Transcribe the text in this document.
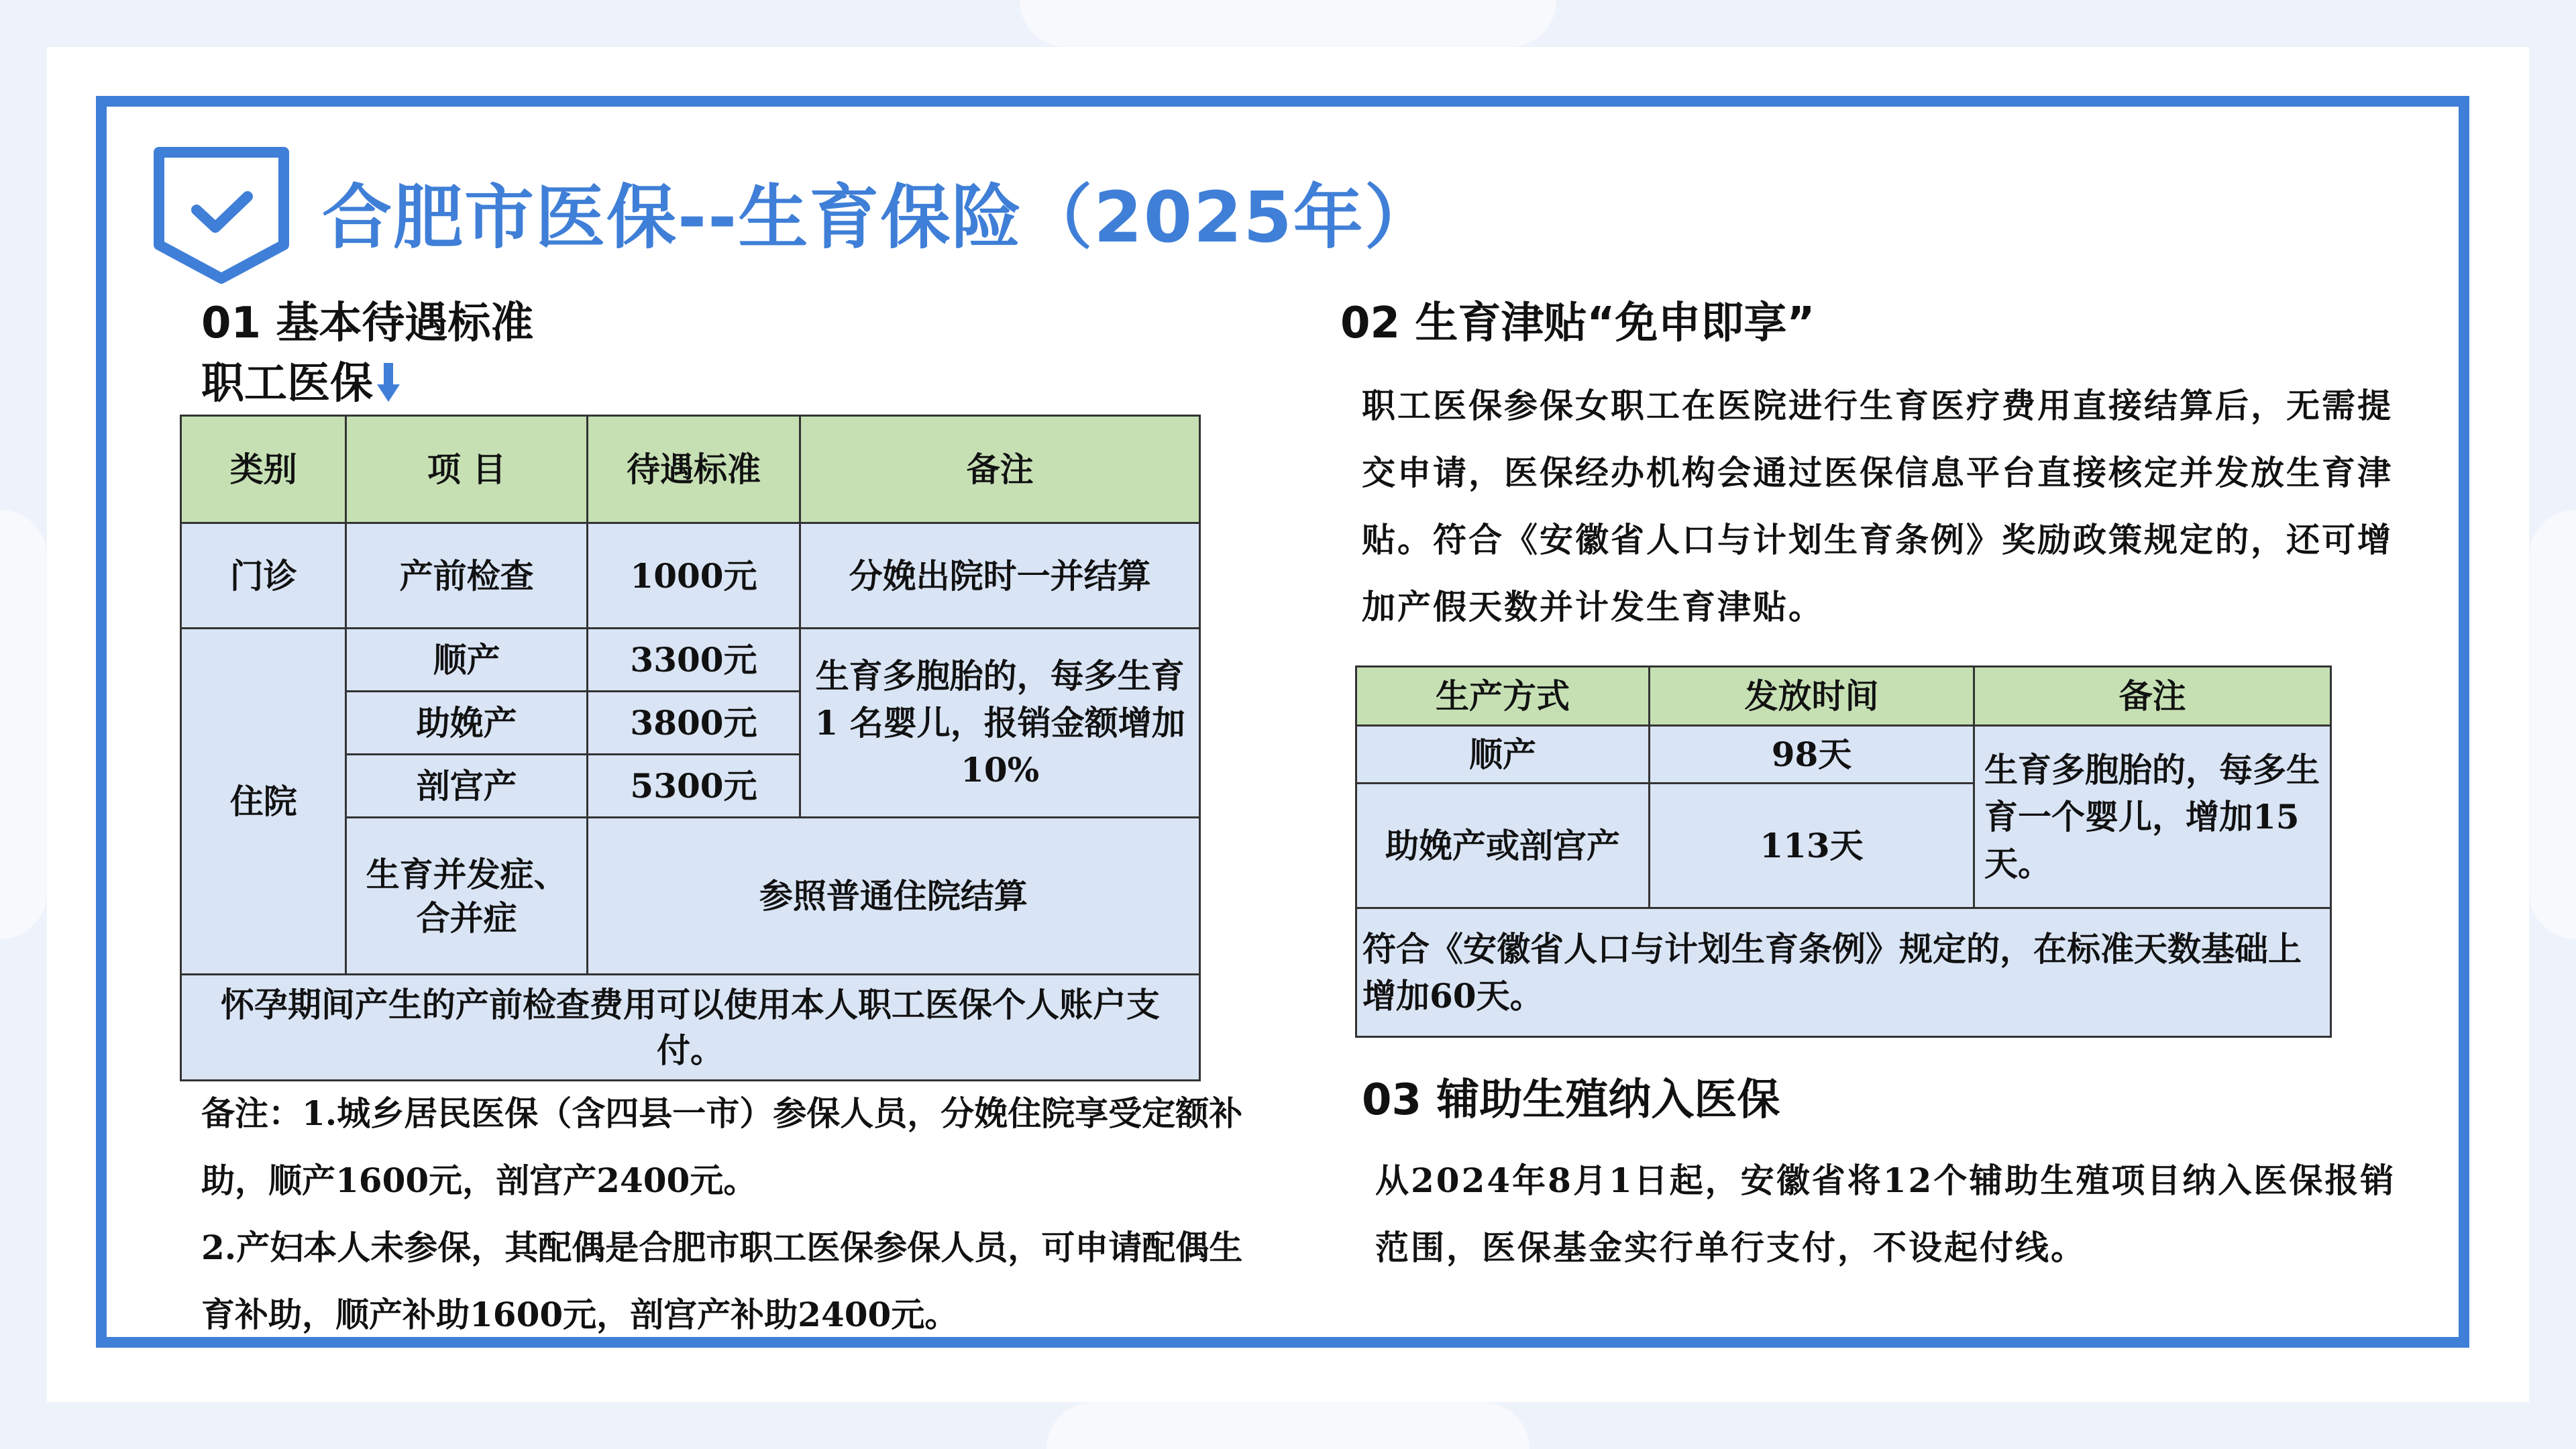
合肥市医保--生育保险（2025年）
01 基本待遇标准
职工医保
类别	项 目	待遇标准	备注
门诊	产前检查	1000元	分娩出院时一并结算
住院	顺产	3300元	生育多胞胎的，每多生育1 名婴儿，报销金额增加10%
	助娩产	3800元	
	剖宫产	5300元	
	生育并发症、合并症	参照普通住院结算	
怀孕期间产生的产前检查费用可以使用本人职工医保个人账户支付。			
备注：1.城乡居民医保（含四县一市）参保人员，分娩住院享受定额补助，顺产1600元，剖宫产2400元。
2.产妇本人未参保，其配偶是合肥市职工医保参保人员，可申请配偶生育补助，顺产补助1600元，剖宫产补助2400元。
02 生育津贴“免申即享”
职工医保参保女职工在医院进行生育医疗费用直接结算后，无需提交申请，医保经办机构会通过医保信息平台直接核定并发放生育津贴。符合《安徽省人口与计划生育条例》奖励政策规定的，还可增加产假天数并计发生育津贴。
生产方式	发放时间	备注
顺产	98天	生育多胞胎的，每多生育一个婴儿，增加15天。
助娩产或剖宫产	113天	
符合《安徽省人口与计划生育条例》规定的，在标准天数基础上增加60天。		
03 辅助生殖纳入医保
从2024年8月1日起，安徽省将12个辅助生殖项目纳入医保报销范围，医保基金实行单行支付，不设起付线。
